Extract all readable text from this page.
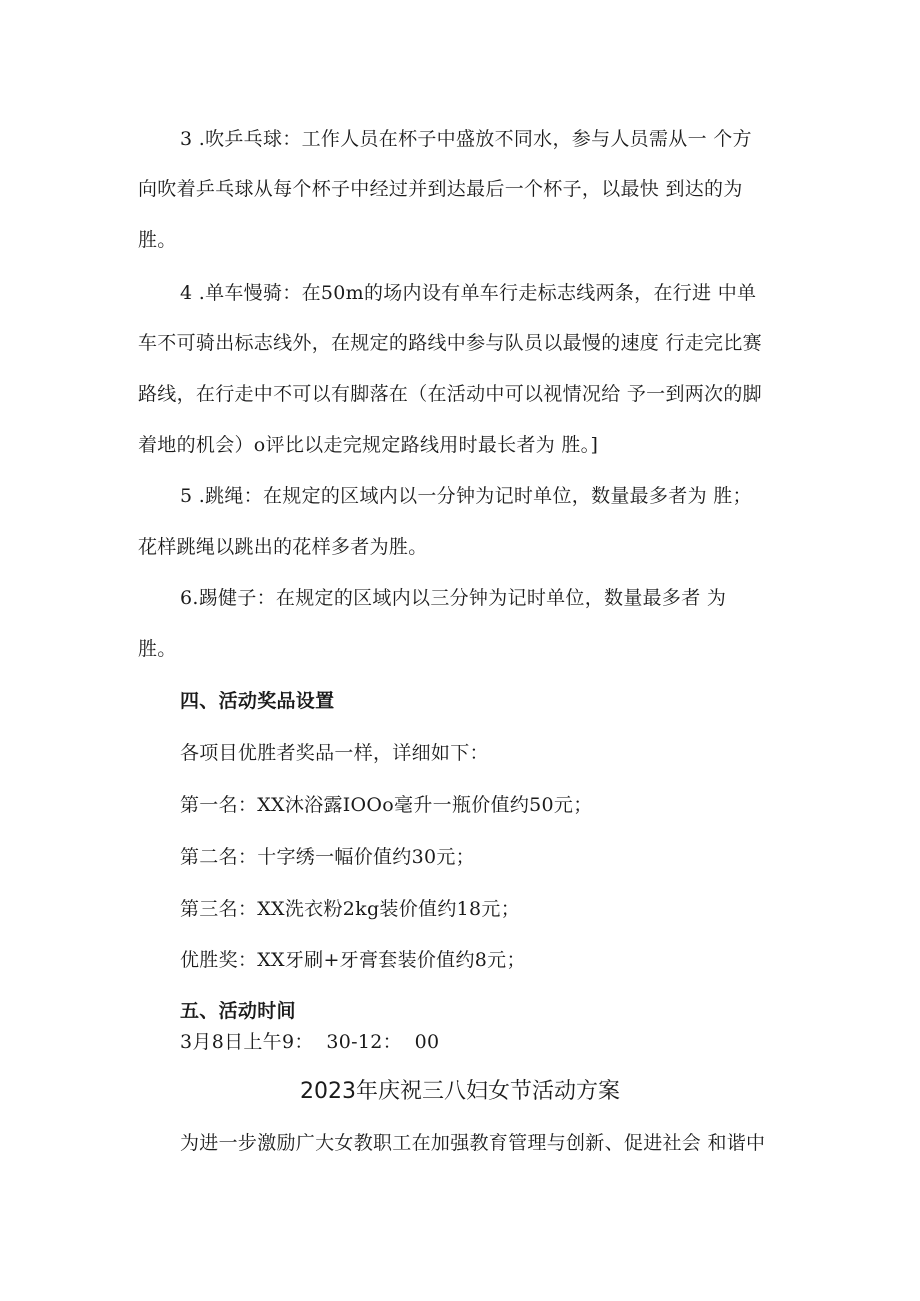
3 .吹乒乓球：工作人员在杯子中盛放不同水，参与人员需从一 个方
向吹着乒乓球从每个杯子中经过并到达最后一个杯子，以最快 到达的为
胜。
4 .单车慢骑：在50m的场内设有单车行走标志线两条，在行进 中单
车不可骑出标志线外，在规定的路线中参与队员以最慢的速度 行走完比赛
路线，在行走中不可以有脚落在（在活动中可以视情况给 予一到两次的脚
着地的机会）o评比以走完规定路线用时最长者为 胜。]
5 .跳绳：在规定的区域内以一分钟为记时单位，数量最多者为 胜；
花样跳绳以跳出的花样多者为胜。
6.踢健子：在规定的区域内以三分钟为记时单位，数量最多者 为
胜。
四、活动奖品设置
各项目优胜者奖品一样，详细如下：
第一名：XX沐浴露IOOo毫升一瓶价值约50元；
第二名：十字绣一幅价值约30元；
第三名：XX洗衣粉2kg装价值约18元；
优胜奖：XX牙刷+牙膏套装价值约8元；
五、活动时间
3月8日上午9：  30-12：  00
2023年庆祝三八妇女节活动方案
为进一步激励广大女教职工在加强教育管理与创新、促进社会 和谐中
